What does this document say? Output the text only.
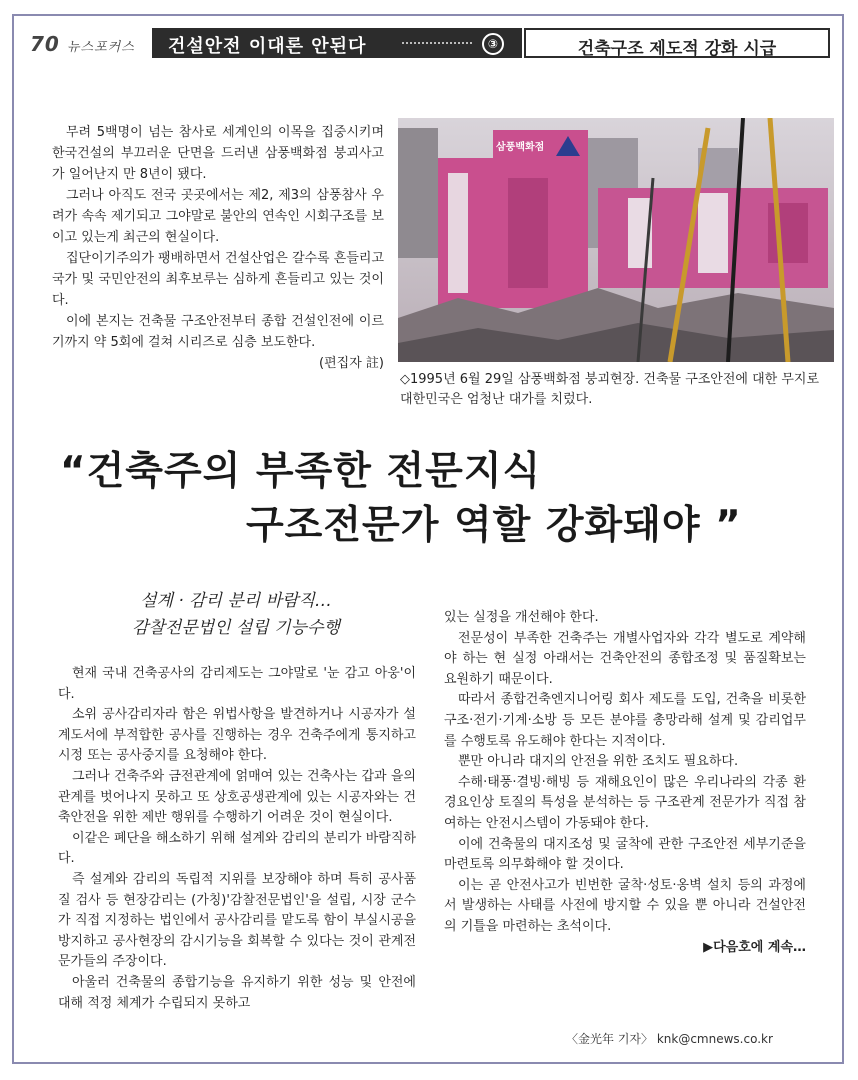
70 뉴스포커스 건설안전 이대론 안된다	③	건축구조 제도적 강화 시급

무려 5백명이 넘는 참사로 세계인의 이목을 집중시키며 한국건설의 부끄러운 단면을 드러낸 삼풍백화점 붕괴사고가 일어난지 만 8년이 됐다.

그러나 아직도 전국 곳곳에서는 제2, 제3의 삼풍참사 우려가 속속 제기되고 그야말로 불안의 연속인 시회구조를 보이고 있는게 최근의 현실이다.

집단이기주의가 팽배하면서 건설산업은 갈수록 흔들리고 국가 및 국민안전의 최후보루는 심하게 흔들리고 있는 것이다.

이에 본지는 건축물 구조안전부터 종합 건설인전에 이르기까지 약 5회에 걸쳐 시리즈로 심층 보도한다.

(편집자 註)

삼풍백화점
◇1995년 6월 29일 삼풍백화점 붕괴현장. 건축물 구조안전에 대한 무지로 대한민국은 엄청난 대가를 치렀다.
“건축주의 부족한 전문지식
구조전문가 역할 강화돼야 ”
설계 · 감리 분리 바람직…
감찰전문법인 설립 기능수행

현재 국내 건축공사의 감리제도는 그야말로 '눈 감고 아웅'이다.

소위 공사감리자라 함은 위법사항을 발견하거나 시공자가 설계도서에 부적합한 공사를 진행하는 경우 건축주에게 통지하고 시정 또는 공사중지를 요청해야 한다.

그러나 건축주와 금전관계에 얽매여 있는 건축사는 갑과 을의 관계를 벗어나지 못하고 또 상호공생관계에 있는 시공자와는 건축안전을 위한 제반 행위를 수행하기 어려운 것이 현실이다.

이같은 폐단을 해소하기 위해 설계와 감리의 분리가 바람직하다.

즉 설계와 감리의 독립적 지위를 보장해야 하며 특히 공사품질 검사 등 현장감리는 (가칭)'감찰전문법인'을 설립, 시장 군수가 직접 지정하는 법인에서 공사감리를 맡도록 함이 부실시공을 방지하고 공사현장의 감시기능을 회복할 수 있다는 것이 관계전문가들의 주장이다.

아울러 건축물의 종합기능을 유지하기 위한 성능 및 안전에 대해 적정 체계가 수립되지 못하고

있는 실정을 개선해야 한다.

전문성이 부족한 건축주는 개별사업자와 각각 별도로 계약해야 하는 현 실정 아래서는 건축안전의 종합조정 및 품질확보는 요원하기 때문이다.

따라서 종합건축엔지니어링 회사 제도를 도입, 건축을 비롯한 구조·전기·기계·소방 등 모든 분야를 총망라해 설계 및 감리업무를 수행토록 유도해야 한다는 지적이다.

뿐만 아니라 대지의 안전을 위한 조치도 필요하다.

수해·태풍·결빙·해빙 등 재해요인이 많은 우리나라의 각종 환경요인상 토질의 특성을 분석하는 등 구조관계 전문가가 직접 참여하는 안전시스템이 가동돼야 한다.

이에 건축물의 대지조성 및 굴착에 관한 구조안전 세부기준을 마련토록 의무화해야 할 것이다.

이는 곧 안전사고가 빈번한 굴착·성토·옹벽 설치 등의 과정에서 발생하는 사태를 사전에 방지할 수 있을 뿐 아니라 건설안전의 기틀을 마련하는 초석이다.

▶다음호에 계속…

〈金光年 기자〉 knk@cmnews.co.kr
